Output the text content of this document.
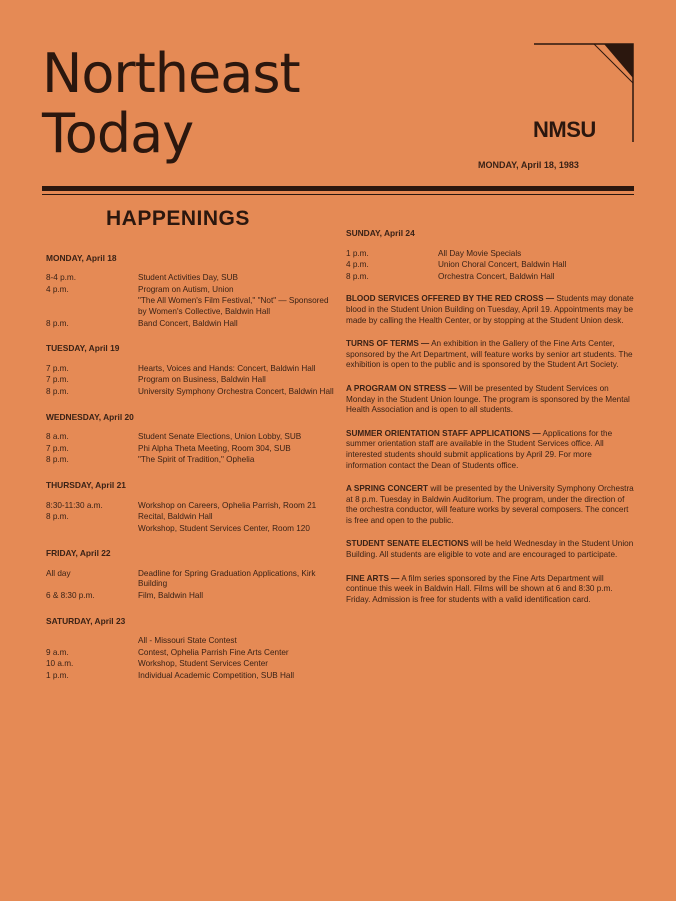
Northeast
Today	NMSU
MONDAY, April 18, 1983
HAPPENINGS

MONDAY, April 18

8-4 p.m.	Student Activities Day, SUB
4 p.m.	Program on Autism, Union
"The All Women's Film Festival," "Not" — Sponsored by Women's Collective, Baldwin Hall
8 p.m.	Band Concert, Baldwin Hall

TUESDAY, April 19

7 p.m.	Hearts, Voices and Hands: Concert, Baldwin Hall
7 p.m.	Program on Business, Baldwin Hall
8 p.m.	University Symphony Orchestra Concert, Baldwin Hall

WEDNESDAY, April 20

8 a.m.	Student Senate Elections, Union Lobby, SUB
7 p.m.	Phi Alpha Theta Meeting, Room 304, SUB
8 p.m.	"The Spirit of Tradition," Ophelia

THURSDAY, April 21

8:30-11:30 a.m.	Workshop on Careers, Ophelia Parrish, Room 21
8 p.m.	Recital, Baldwin Hall
Workshop, Student Services Center, Room 120

FRIDAY, April 22

All day	Deadline for Spring Graduation Applications, Kirk Building
6 & 8:30 p.m.	Film, Baldwin Hall

SATURDAY, April 23

All - Missouri State Contest
9 a.m.	Contest, Ophelia Parrish Fine Arts Center
10 a.m.	Workshop, Student Services Center
1 p.m.	Individual Academic Competition, SUB Hall

SUNDAY, April 24

1 p.m.	All Day Movie Specials
4 p.m.	Union Choral Concert, Baldwin Hall
8 p.m.	Orchestra Concert, Baldwin Hall

BLOOD SERVICES OFFERED BY THE RED CROSS — Students may donate blood in the Student Union Building on Tuesday, April 19. Appointments may be made by calling the Health Center, or by stopping at the Student Union desk.

TURNS OF TERMS — An exhibition in the Gallery of the Fine Arts Center, sponsored by the Art Department, will feature works by senior art students. The exhibition is open to the public and is sponsored by the Student Art Society.

A PROGRAM ON STRESS — Will be presented by Student Services on Monday in the Student Union lounge. The program is sponsored by the Mental Health Association and is open to all students.

SUMMER ORIENTATION STAFF APPLICATIONS — Applications for the summer orientation staff are available in the Student Services office. All interested students should submit applications by April 29. For more information contact the Dean of Students office.

A SPRING CONCERT will be presented by the University Symphony Orchestra at 8 p.m. Tuesday in Baldwin Auditorium. The program, under the direction of the orchestra conductor, will feature works by several composers. The concert is free and open to the public.

STUDENT SENATE ELECTIONS will be held Wednesday in the Student Union Building. All students are eligible to vote and are encouraged to participate.

FINE ARTS — A film series sponsored by the Fine Arts Department will continue this week in Baldwin Hall. Films will be shown at 6 and 8:30 p.m. Friday. Admission is free for students with a valid identification card.
